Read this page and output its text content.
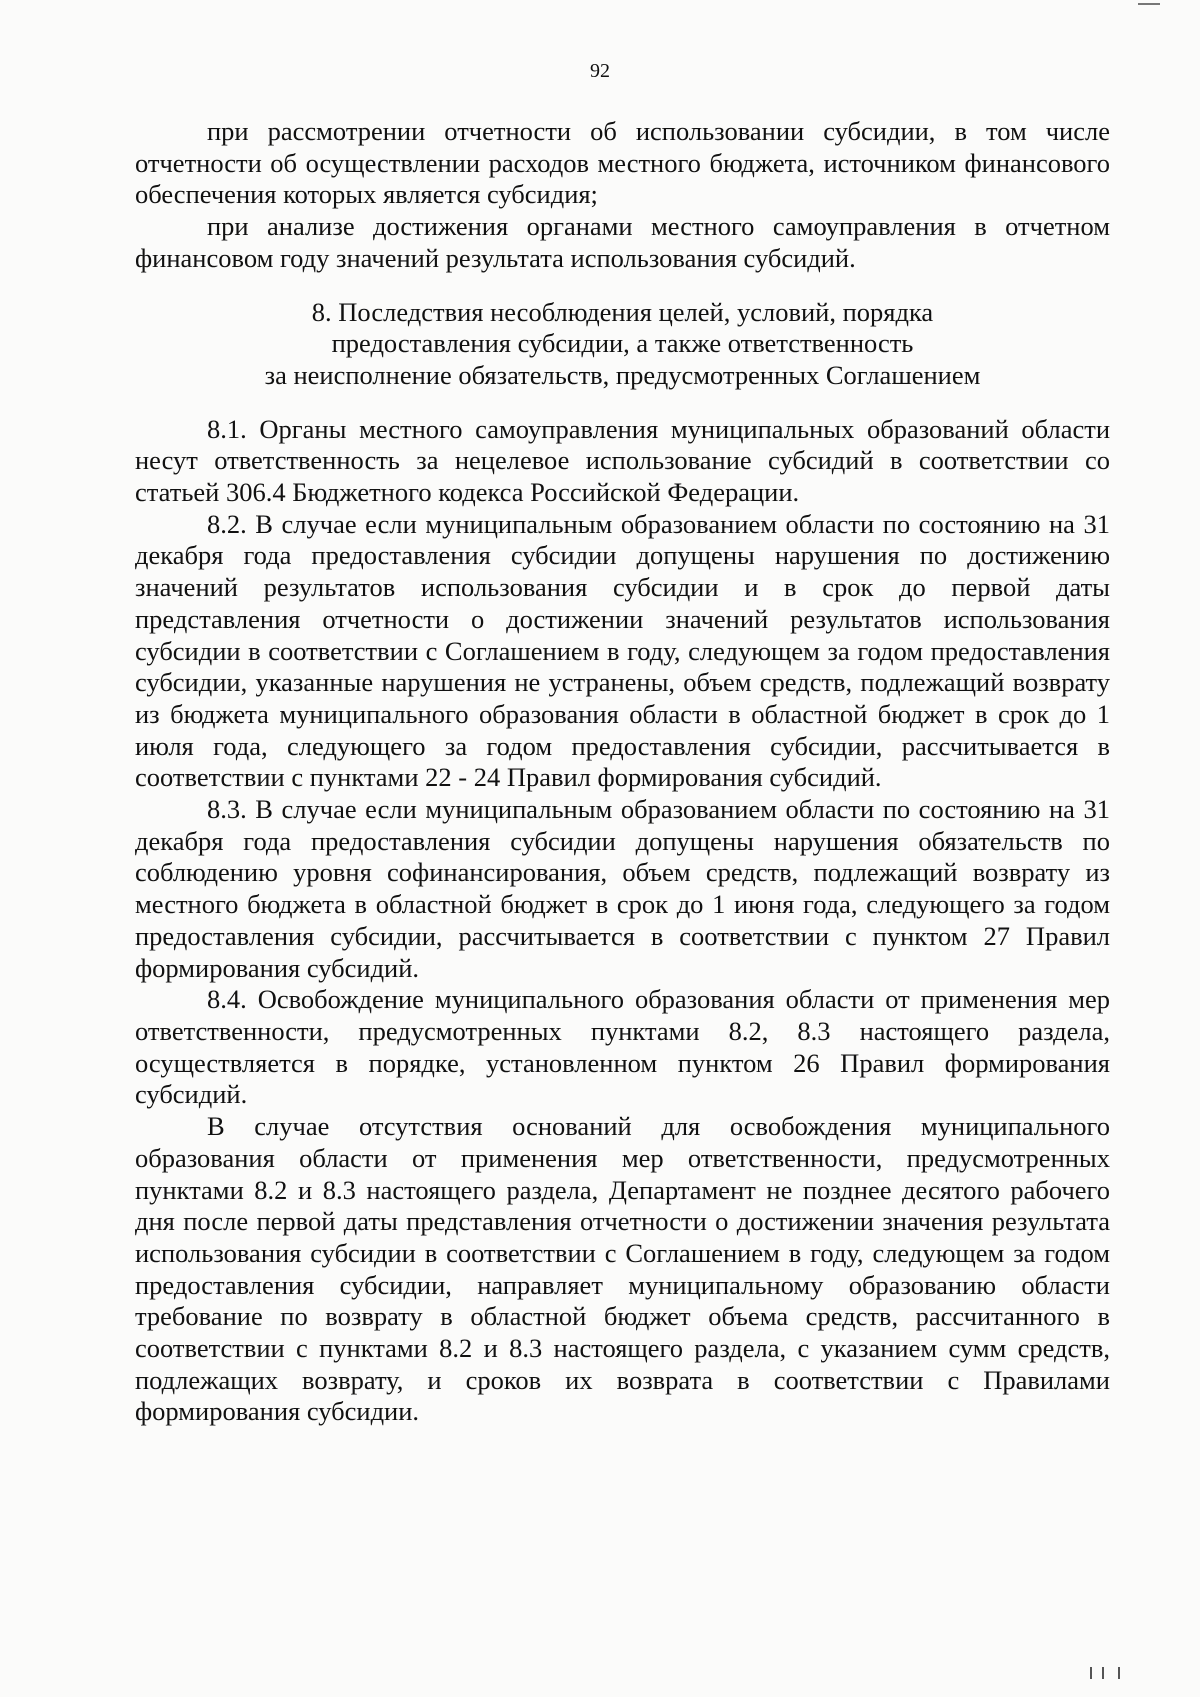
92

при рассмотрении отчетности об использовании субсидии, в том числе отчетности об осуществлении расходов местного бюджета, источником финансового обеспечения которых является субсидия;

при анализе достижения органами местного самоуправления в отчетном финансовом году значений результата использования субсидий.

8. Последствия несоблюдения целей, условий, порядка
предоставления субсидии, а также ответственность
за неисполнение обязательств, предусмотренных Соглашением

8.1. Органы местного самоуправления муниципальных образований области несут ответственность за нецелевое использование субсидий в соответствии со статьей 306.4 Бюджетного кодекса Российской Федерации.

8.2. В случае если муниципальным образованием области по состоянию на 31 декабря года предоставления субсидии допущены нарушения по достижению значений результатов использования субсидии и в срок до первой даты представления отчетности о достижении значений результатов использования субсидии в соответствии с Соглашением в году, следующем за годом предоставления субсидии, указанные нарушения не устранены, объем средств, подлежащий возврату из бюджета муниципального образования области в областной бюджет в срок до 1 июля года, следующего за годом предоставления субсидии, рассчитывается в соответствии с пунктами 22 - 24 Правил формирования субсидий.

8.3. В случае если муниципальным образованием области по состоянию на 31 декабря года предоставления субсидии допущены нарушения обязательств по соблюдению уровня софинансирования, объем средств, подлежащий возврату из местного бюджета в областной бюджет в срок до 1 июня года, следующего за годом предоставления субсидии, рассчитывается в соответствии с пунктом 27 Правил формирования субсидий.

8.4. Освобождение муниципального образования области от применения мер ответственности, предусмотренных пунктами 8.2, 8.3 настоящего раздела, осуществляется в порядке, установленном пунктом 26 Правил формирования субсидий.

В случае отсутствия оснований для освобождения муниципального образования области от применения мер ответственности, предусмотренных пунктами 8.2 и 8.3 настоящего раздела, Департамент не позднее десятого рабочего дня после первой даты представления отчетности о достижении значения результата использования субсидии в соответствии с Соглашением в году, следующем за годом предоставления субсидии, направляет муниципальному образованию области требование по возврату в областной бюджет объема средств, рассчитанного в соответствии с пунктами 8.2 и 8.3 настоящего раздела, с указанием сумм средств, подлежащих возврату, и сроков их возврата в соответствии с Правилами формирования субсидии.
